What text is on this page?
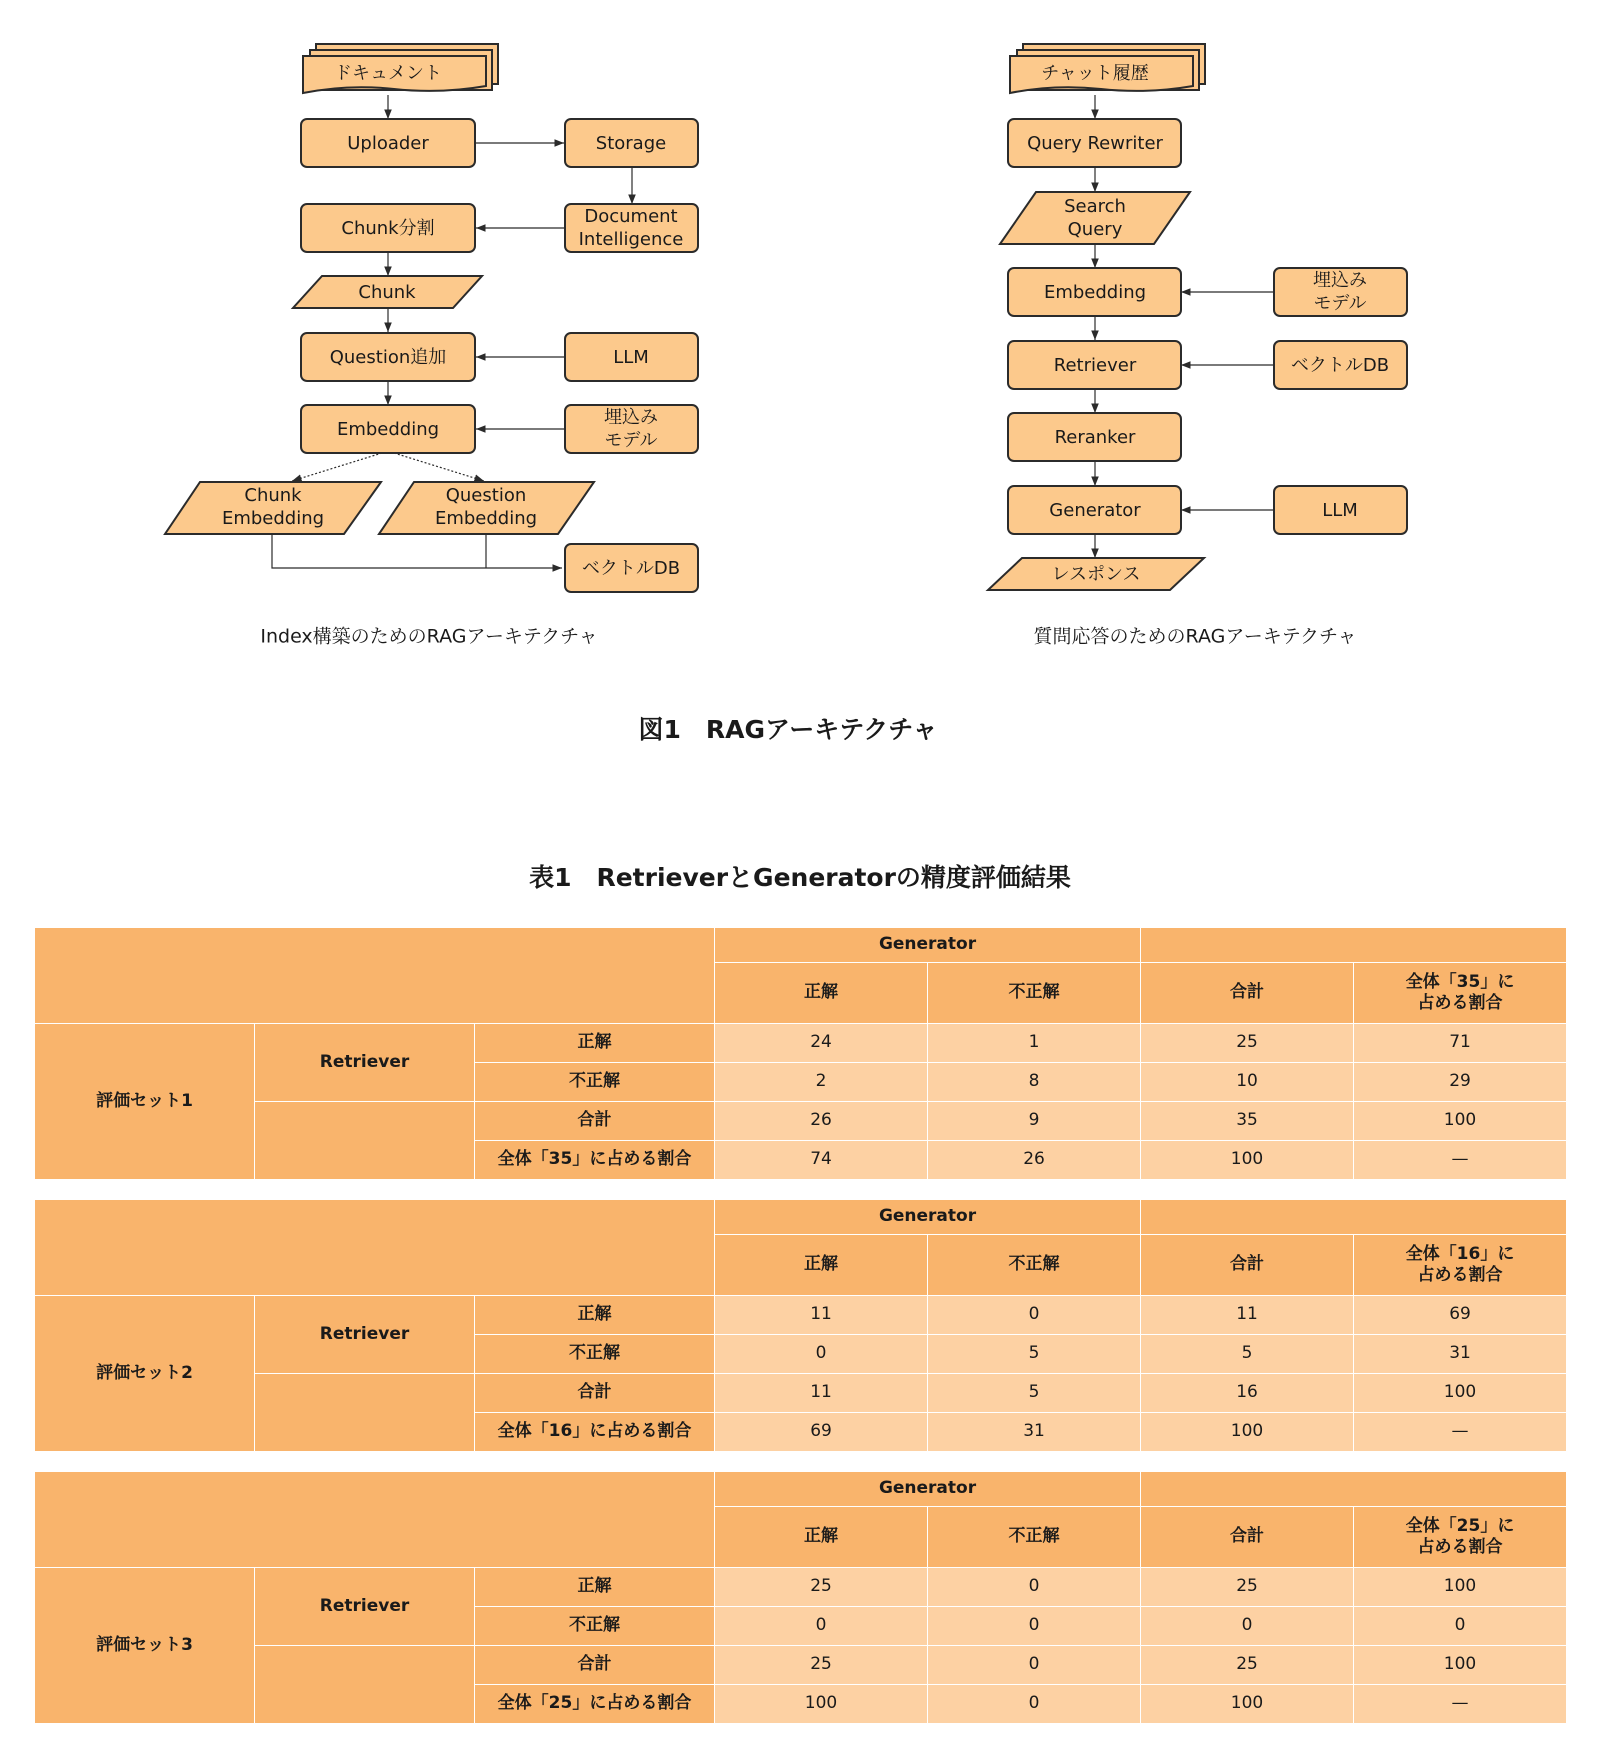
ドキュメント
Uploader	Storage
Document
Intelligence
Chunk分割
Chunk
Question追加	LLM
Embedding
埋込み
モデル
Chunk
Embedding
Question
Embedding
ベクトルDB
Index構築のためのRAGアーキテクチャ
チャット履歴
Query Rewriter
Search
Query
Embedding
埋込み
モデル
Retriever	ベクトルDB
Reranker
Generator	LLM
レスポンス
質問応答のためのRAGアーキテクチャ
図1　RAGアーキテクチャ
表1　RetrieverとGeneratorの精度評価結果
			Generator			
			正解	不正解	合計	全体「35」に
占める割合

評価セット1	Retriever	正解	24	1	25	71
		不正解	2	8	10	29
		合計	26	9	35	100
		全体「35」に占める割合	74	26	100	—
			Generator			
			正解	不正解	合計	全体「16」に
占める割合

評価セット2	Retriever	正解	11	0	11	69
		不正解	0	5	5	31
		合計	11	5	16	100
		全体「16」に占める割合	69	31	100	—
			Generator			
			正解	不正解	合計	全体「25」に
占める割合

評価セット3	Retriever	正解	25	0	25	100
		不正解	0	0	0	0
		合計	25	0	25	100
		全体「25」に占める割合	100	0	100	—
